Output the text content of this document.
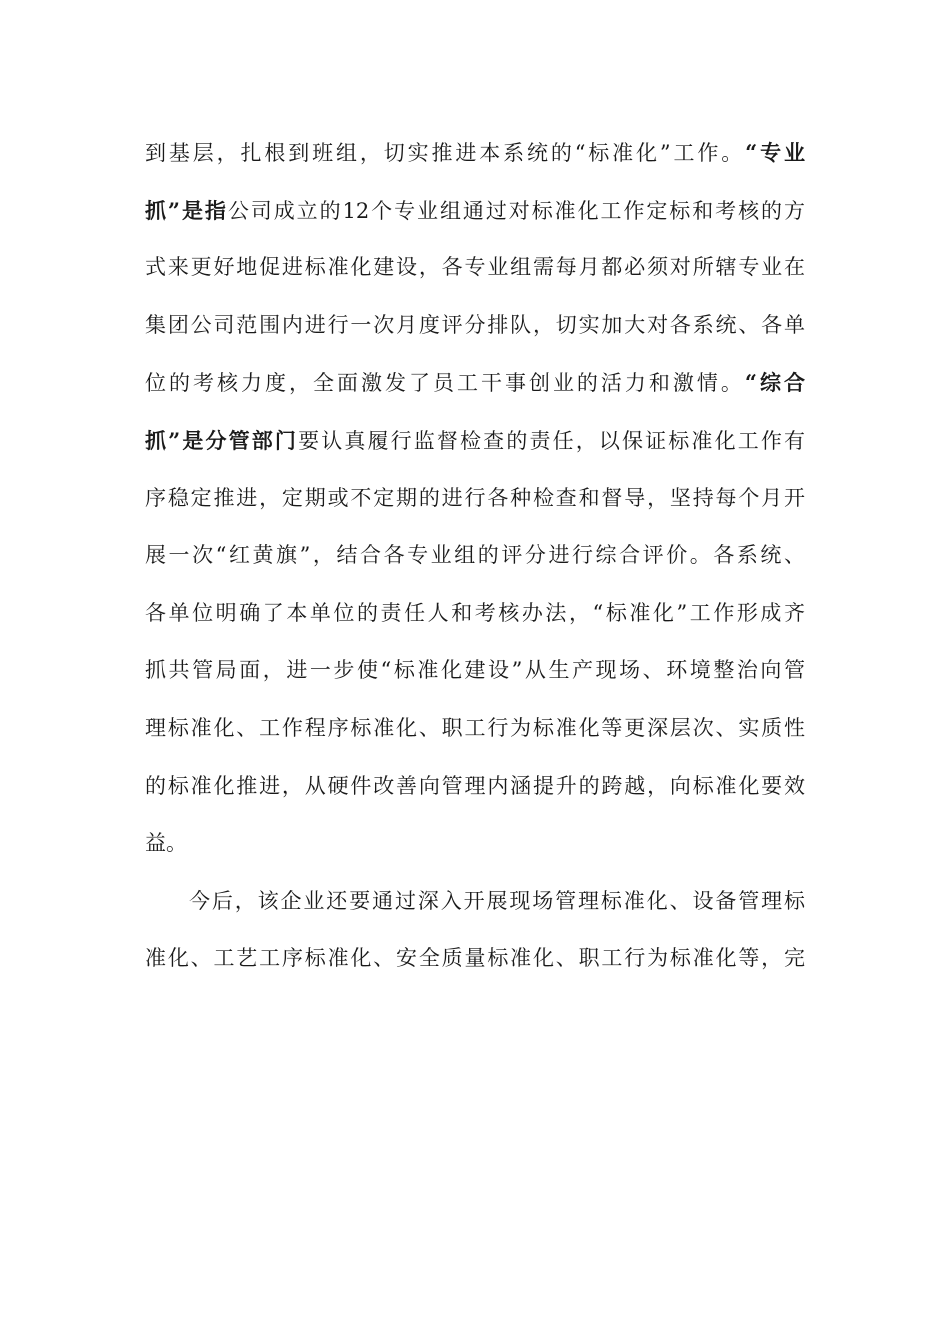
到基层，扎根到班组，切实推进本系统的“标准化”工作。“专业
抓”是指公司成立的12个专业组通过对标准化工作定标和考核的方
式来更好地促进标准化建设，各专业组需每月都必须对所辖专业在
集团公司范围内进行一次月度评分排队，切实加大对各系统、各单
位的考核力度，全面激发了员工干事创业的活力和激情。“综合
抓”是分管部门要认真履行监督检查的责任，以保证标准化工作有
序稳定推进，定期或不定期的进行各种检查和督导，坚持每个月开
展一次“红黄旗”，结合各专业组的评分进行综合评价。各系统、
各单位明确了本单位的责任人和考核办法，“标准化”工作形成齐
抓共管局面，进一步使“标准化建设”从生产现场、环境整治向管
理标准化、工作程序标准化、职工行为标准化等更深层次、实质性
的标准化推进，从硬件改善向管理内涵提升的跨越，向标准化要效
益。
今后，该企业还要通过深入开展现场管理标准化、设备管理标
准化、工艺工序标准化、安全质量标准化、职工行为标准化等，完
